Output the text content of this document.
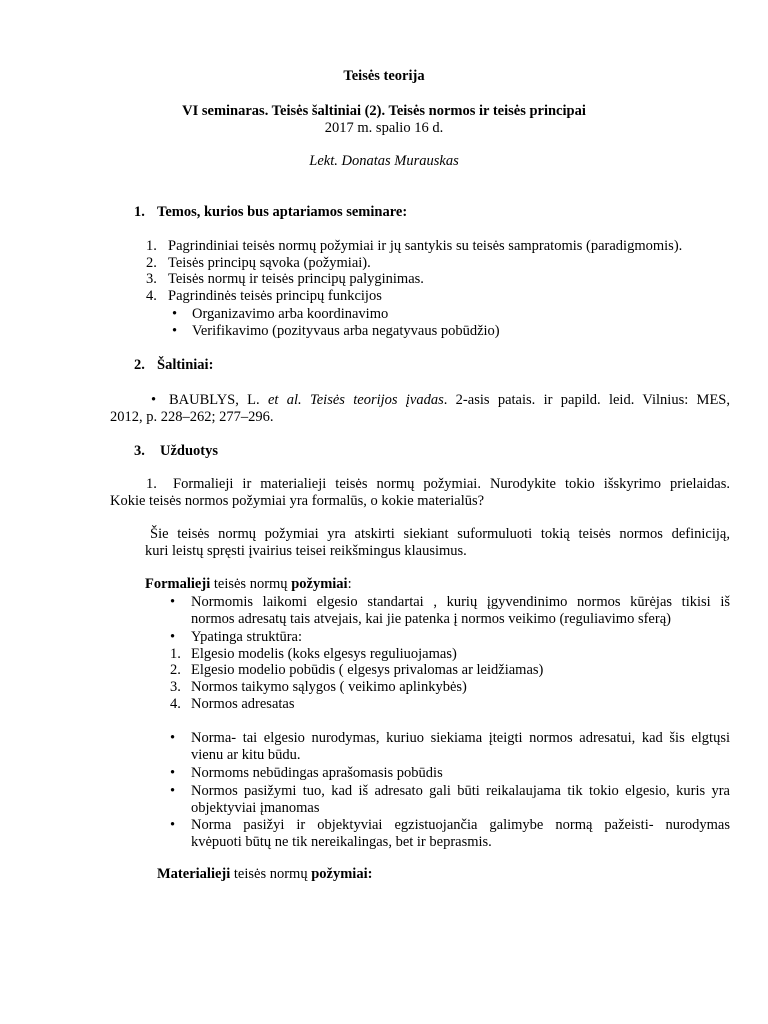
Teisės teorija
VI seminaras. Teisės šaltiniai (2). Teisės normos ir teisės principai
2017 m. spalio 16 d.
Lekt. Donatas Murauskas
1. Temos, kurios bus aptariamos seminare:
1. Pagrindiniai teisės normų požymiai ir jų santykis su teisės sampratomis (paradigmomis).
2. Teisės principų sąvoka (požymiai).
3. Teisės normų ir teisės principų palyginimas.
4. Pagrindinės teisės principų funkcijos
•
Organizavimo arba koordinavimo
•
Verifikavimo (pozityvaus arba negatyvaus pobūdžio)
2. Šaltiniai:
•
BAUBLYS, L. et al. Teisės teorijos įvadas. 2-asis patais. ir papild. leid. Vilnius: MES,
2012, p. 228–262; 277–296.
3. Užduotys
1. Formalieji ir materialieji teisės normų požymiai. Nurodykite tokio išskyrimo prielaidas.
Kokie teisės normos požymiai yra formalūs, o kokie materialūs?
Šie teisės normų požymiai yra atskirti siekiant suformuluoti tokią teisės normos definiciją,
kuri leistų spręsti įvairius teisei reikšmingus klausimus.
Formalieji teisės normų požymiai:
•
Normomis laikomi elgesio standartai , kurių įgyvendinimo normos kūrėjas tikisi iš
normos adresatų tais atvejais, kai jie patenka į normos veikimo (reguliavimo sferą)
•
Ypatinga struktūra:
1. Elgesio modelis (koks elgesys reguliuojamas)
2. Elgesio modelio pobūdis ( elgesys privalomas ar leidžiamas)
3. Normos taikymo sąlygos ( veikimo aplinkybės)
4. Normos adresatas
•
Norma- tai elgesio nurodymas, kuriuo siekiama įteigti normos adresatui, kad šis elgtųsi
vienu ar kitu būdu.
•
Normoms nebūdingas aprašomasis pobūdis
•
Normos pasižymi tuo, kad iš adresato gali būti reikalaujama tik tokio elgesio, kuris yra
objektyviai įmanomas
•
Norma pasižyi ir objektyviai egzistuojančia galimybe normą pažeisti- nurodymas
kvėpuoti būtų ne tik nereikalingas, bet ir beprasmis.
Materialieji teisės normų požymiai:
